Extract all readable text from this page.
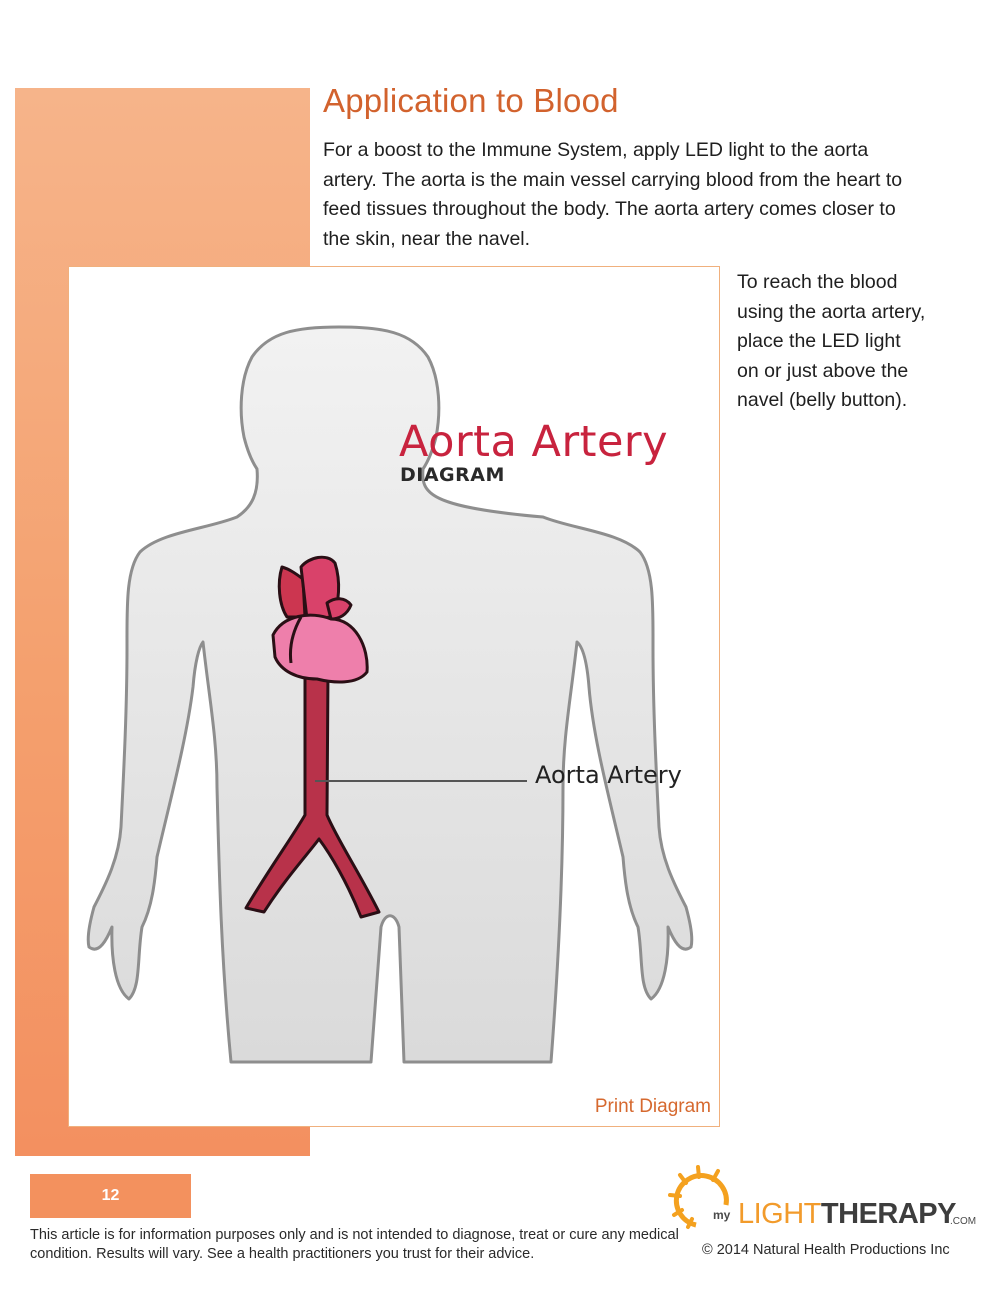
Application to Blood

For a boost to the Immune System, apply LED light to the aorta artery. The aorta is the main vessel carrying blood from the heart to feed tissues throughout the body. The aorta artery comes closer to the skin, near the navel.

Aorta Artery
DIAGRAM
Aorta Artery
Print Diagram

To reach the blood using the aorta artery, place the LED light on or just above the navel (belly button).

12

This article is for information purposes only and is not intended to diagnose, treat or cure any medical condition. Results will vary. See a health practitioners you trust for their advice.

my LIGHTTHERAPY
.COM
© 2014 Natural Health Productions Inc
